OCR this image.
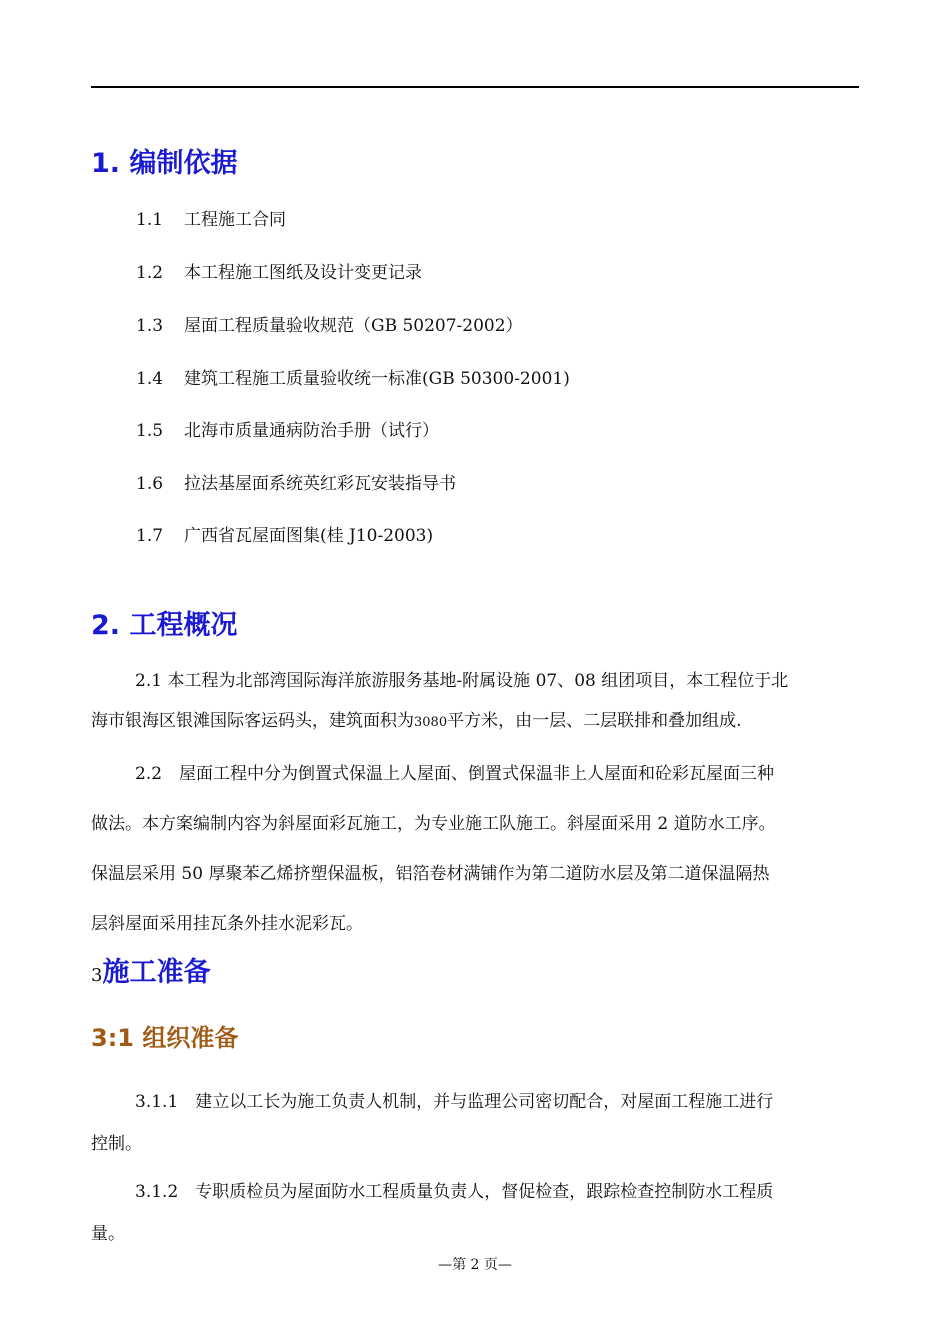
1. 编制依据
1.1 工程施工合同
1.2 本工程施工图纸及设计变更记录
1.3 屋面工程质量验收规范（GB 50207-2002）
1.4 建筑工程施工质量验收统一标准(GB 50300-2001)
1.5 北海市质量通病防治手册（试行）
1.6 拉法基屋面系统英红彩瓦安装指导书
1.7 广西省瓦屋面图集(桂 J10-2003)
2. 工程概况
2.1 本工程为北部湾国际海洋旅游服务基地-附属设施 07、08 组团项目，本工程位于北
海市银海区银滩国际客运码头，建筑面积为3080平方米，由一层、二层联排和叠加组成.
2.2　屋面工程中分为倒置式保温上人屋面、倒置式保温非上人屋面和砼彩瓦屋面三种
做法。本方案编制内容为斜屋面彩瓦施工，为专业施工队施工。斜屋面采用 2 道防水工序。
保温层采用 50 厚聚苯乙烯挤塑保温板，铝箔卷材满铺作为第二道防水层及第二道保温隔热
层斜屋面采用挂瓦条外挂水泥彩瓦。
3施工准备
3:1 组织准备
3.1.1　建立以工长为施工负责人机制，并与监理公司密切配合，对屋面工程施工进行
控制。
3.1.2　专职质检员为屋面防水工程质量负责人，督促检查，跟踪检查控制防水工程质
量。
—第 2 页—
